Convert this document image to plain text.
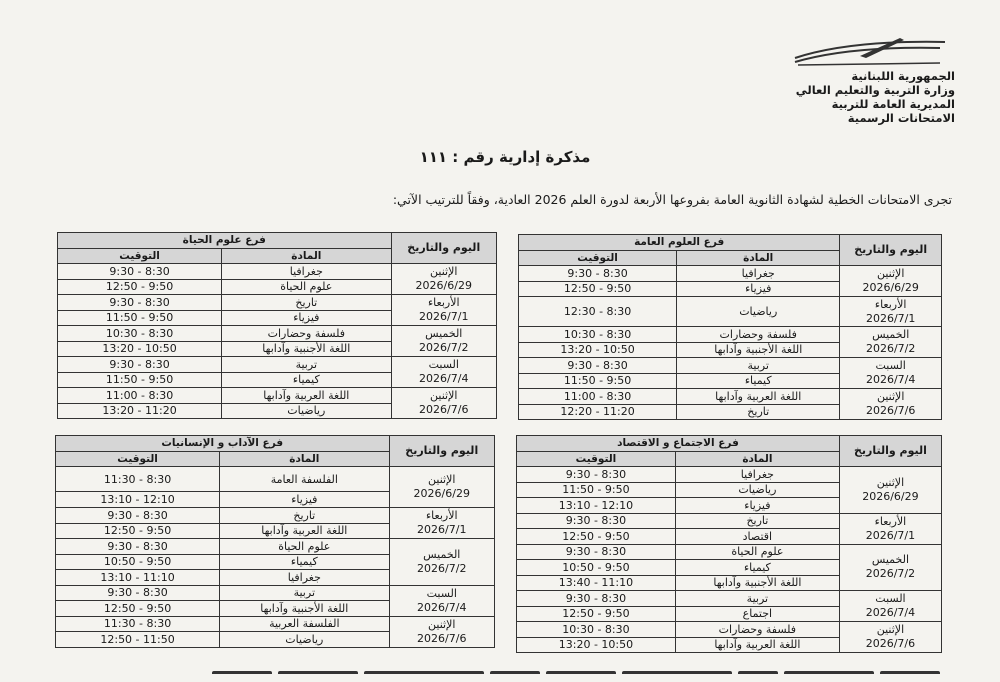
الجمهورية اللبنانية
وزارة التربية والتعليم العالي
المديرية العامة للتربية
الامتحانات الرسمية
مذكرة إدارية رقم : ١١١
تجرى الامتحانات الخطية لشهادة الثانوية العامة بفروعها الأربعة لدورة العلم 2026 العادية، وفقاً للترتيب الآتي:
اليوم والتاريخ	فرع العلوم العامة	
	المادة	التوقيت

الإثنين
2026/6/29	جغرافيا	8:30 - 9:30
	فيزياء	9:50 - 12:50

الأربعاء
2026/7/1	رياضيات	8:30 - 12:30

الخميس
2026/7/2	فلسفة وحضارات	8:30 - 10:30
	اللغة الأجنبية وآدابها	10:50 - 13:20

السبت
2026/7/4	تربية	8:30 - 9:30
	كيمياء	9:50 - 11:50

الإثنين
2026/7/6	اللغة العربية وآدابها	8:30 - 11:00
	تاريخ	11:20 - 12:20
اليوم والتاريخ	فرع علوم الحياة	
	المادة	التوقيت

الإثنين
2026/6/29	جغرافيا	8:30 - 9:30
	علوم الحياة	9:50 - 12:50

الأربعاء
2026/7/1	تاريخ	8:30 - 9:30
	فيزياء	9:50 - 11:50

الخميس
2026/7/2	فلسفة وحضارات	8:30 - 10:30
	اللغة الأجنبية وآدابها	10:50 - 13:20

السبت
2026/7/4	تربية	8:30 - 9:30
	كيمياء	9:50 - 11:50

الإثنين
2026/7/6	اللغة العربية وآدابها	8:30 - 11:00
	رياضيات	11:20 - 13:20
اليوم والتاريخ	فرع الاجتماع و الاقتصاد	
	المادة	التوقيت

الإثنين
2026/6/29	جغرافيا	8:30 - 9:30
	رياضيات	9:50 - 11:50
	فيزياء	12:10 - 13:10

الأربعاء
2026/7/1	تاريخ	8:30 - 9:30
	اقتصاد	9:50 - 12:50

الخميس
2026/7/2	علوم الحياة	8:30 - 9:30
	كيمياء	9:50 - 10:50
	اللغة الأجنبية وآدابها	11:10 - 13:40

السبت
2026/7/4	تربية	8:30 - 9:30
	اجتماع	9:50 - 12:50

الإثنين
2026/7/6	فلسفة وحضارات	8:30 - 10:30
	اللغة العربية وآدابها	10:50 - 13:20
اليوم والتاريخ	فرع الآداب و الإنسانيات	
	المادة	التوقيت

الإثنين
2026/6/29	الفلسفة العامة	8:30 - 11:30
	فيزياء	12:10 - 13:10

الأربعاء
2026/7/1	تاريخ	8:30 - 9:30
	اللغة العربية وآدابها	9:50 - 12:50

الخميس
2026/7/2	علوم الحياة	8:30 - 9:30
	كيمياء	9:50 - 10:50
	جغرافيا	11:10 - 13:10

السبت
2026/7/4	تربية	8:30 - 9:30
	اللغة الأجنبية وآدابها	9:50 - 12:50

الإثنين
2026/7/6	الفلسفة العربية	8:30 - 11:30
	رياضيات	11:50 - 12:50
